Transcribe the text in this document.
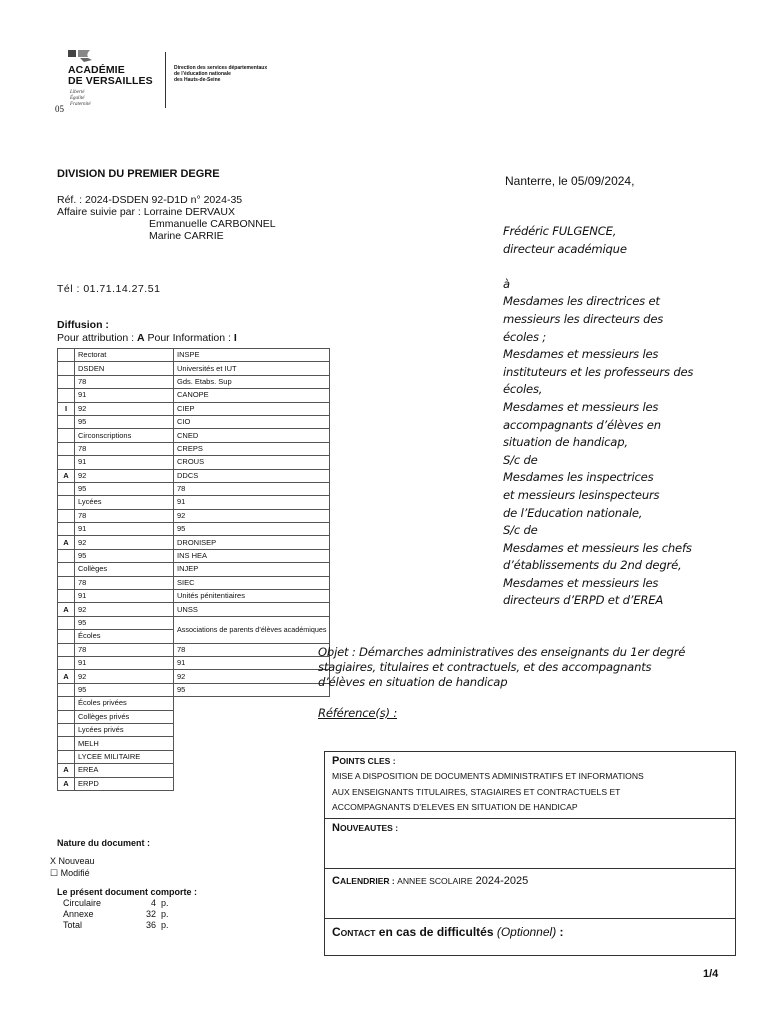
ACADÉMIE
DE VERSAILLES
Liberté
Égalité
Fraternité
05
Direction des services départementaux
de l’éducation nationale
des Hauts-de-Seine
DIVISION DU PREMIER DEGRE
Réf. : 2024-DSDEN 92-D1D n° 2024-35
Affaire suivie par : Lorraine DERVAUX
Emmanuelle CARBONNEL
Marine CARRIE
Tél : 01.71.14.27.51
Diffusion :
Pour attribution : A Pour Information : I
	Rectorat	INSPE
	DSDEN	Universités et IUT
	78	Gds. Etabs. Sup
	91	CANOPE
I	92	CIEP
	95	CIO
	Circonscriptions	CNED
	78	CREPS
	91	CROUS
A	92	DDCS
	95	78
	Lycées	91
	78	92
	91	95
A	92	DRONISEP
	95	INS HEA
	Collèges	INJEP
	78	SIEC
	91	Unités pénitentiaires
A	92	UNSS
	95	Associations de parents d’élèves académiques
	Écoles	
	78	78
	91	91
A	92	92
	95	95
	Écoles privées	
	Collèges privés	
	Lycées privés	
	MELH	
	LYCEE MILITAIRE	
A	EREA	
A	ERPD	
Nature du document :
X Nouveau
☐ Modifié
Le présent document comporte :
Circulaire	4 p.
Annexe	32 p.
Total	36 p.
Nanterre, le 05/09/2024,
Frédéric FULGENCE,
directeur académique
à
Mesdames les directrices et
messieurs les directeurs des
écoles ;
Mesdames et messieurs les
instituteurs et les professeurs des
écoles,
Mesdames et messieurs les
accompagnants d’élèves en
situation de handicap,
S/c de
Mesdames les inspectrices
et messieurs lesinspecteurs
de l’Education nationale,
S/c de
Mesdames et messieurs les chefs
d’établissements du 2nd degré,
Mesdames et messieurs les
directeurs d’ERPD et d’EREA
Objet : Démarches administratives des enseignants du 1er degré
stagiaires, titulaires et contractuels, et des accompagnants
d’élèves en situation de handicap
Référence(s) :
POINTS CLES :
MISE A DISPOSITION DE DOCUMENTS ADMINISTRATIFS ET INFORMATIONS
AUX ENSEIGNANTS TITULAIRES, STAGIAIRES ET CONTRACTUELS ET
ACCOMPAGNANTS D’ELEVES EN SITUATION DE HANDICAP
NOUVEAUTES :
CALENDRIER : ANNEE SCOLAIRE 2024-2025
CONTACT en cas de difficultés (Optionnel) :
1/4
